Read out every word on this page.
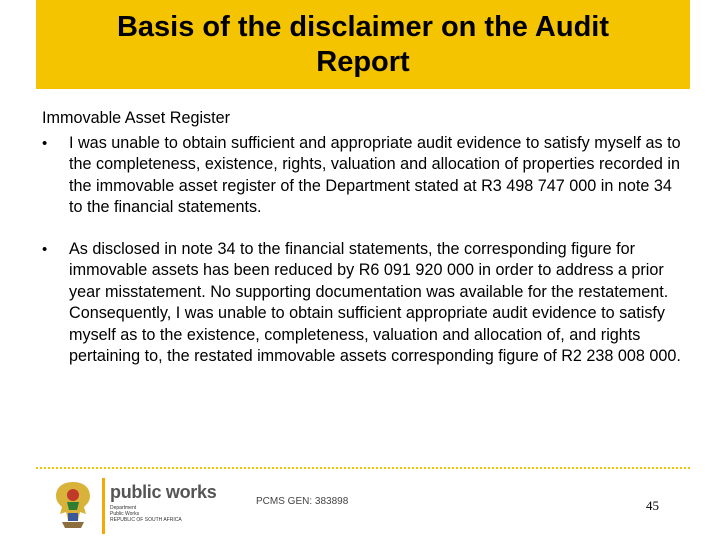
Basis of the disclaimer on the Audit Report
Immovable Asset Register
•	I was unable to obtain sufficient and appropriate audit evidence to satisfy myself as to the completeness, existence, rights, valuation and allocation of properties recorded in the immovable asset register of the Department stated at R3 498 747 000 in note 34 to the financial statements.
•	As disclosed in note 34 to the financial statements, the corresponding figure for immovable assets has been reduced by R6 091 920 000 in order to address a prior year misstatement. No supporting documentation was available for the restatement. Consequently, I was unable to obtain sufficient appropriate audit evidence to satisfy myself as to the existence, completeness, valuation and allocation of, and rights pertaining to, the restated immovable assets corresponding figure of R2 238 008 000.
public works
Department
Public Works
REPUBLIC OF SOUTH AFRICA
PCMS GEN: 383898	45
